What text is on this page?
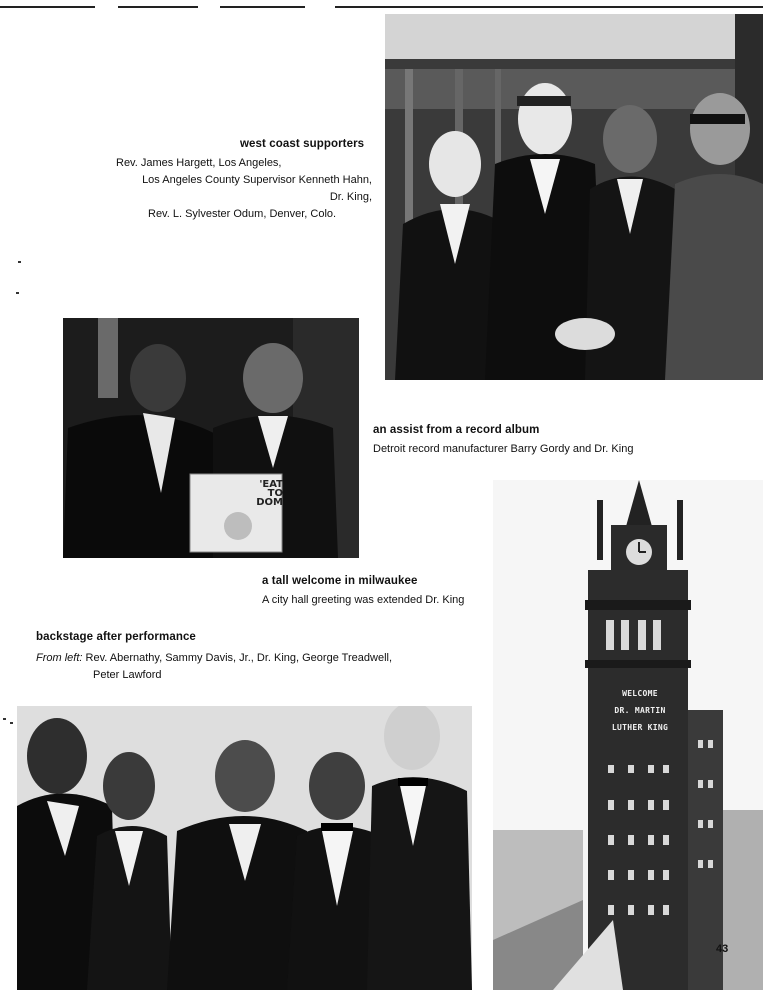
west coast supporters
Rev. James Hargett, Los Angeles,
Los Angeles County Supervisor Kenneth Hahn,
Dr. King,
Rev. L. Sylvester Odum, Denver, Colo.
'EAT
TO
DOM
an assist from a record album
Detroit record manufacturer Barry Gordy and Dr. King
a tall welcome in milwaukee
A city hall greeting was extended Dr. King
backstage after performance
From left: Rev. Abernathy, Sammy Davis, Jr., Dr. King, George Treadwell,
Peter Lawford
WELCOME
DR. MARTIN
LUTHER KING
43
